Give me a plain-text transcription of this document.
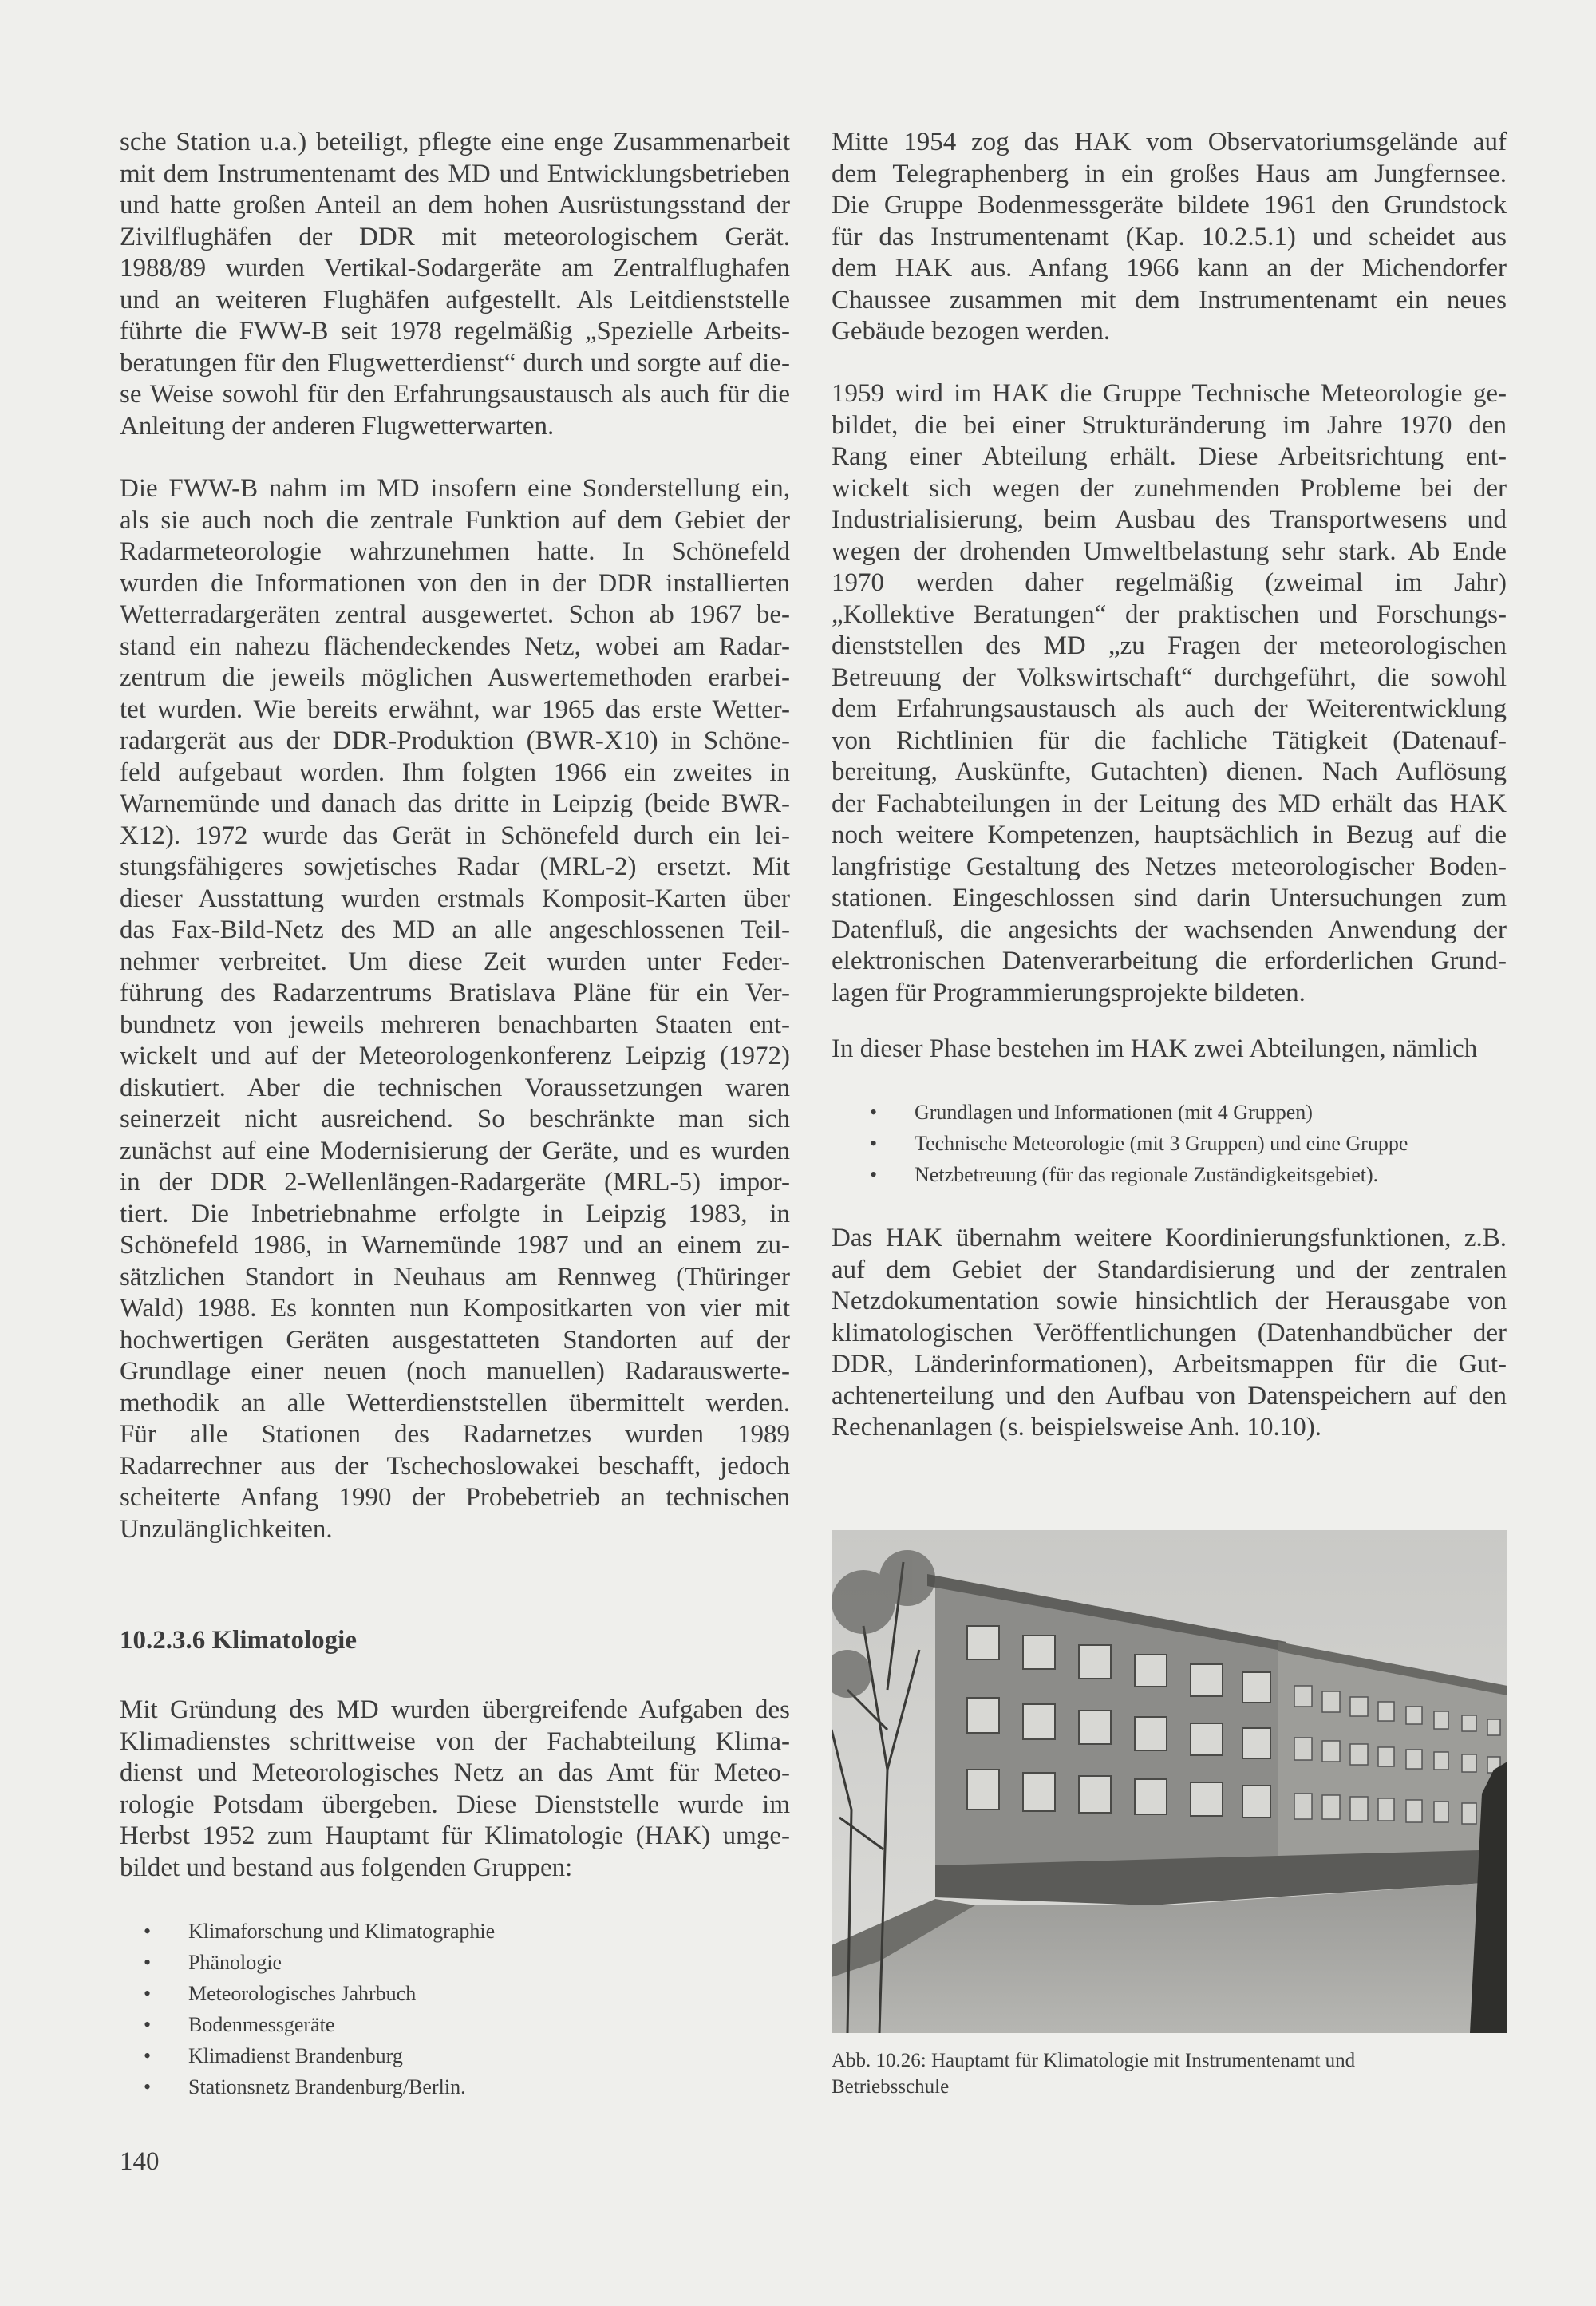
sche Station u.a.) beteiligt, pflegte eine enge Zusammenarbeit
mit dem Instrumentenamt des MD und Entwicklungsbetrieben
und hatte großen Anteil an dem hohen Ausrüstungsstand der
Zivilflughäfen der DDR mit meteorologischem Gerät.
1988/89 wurden Vertikal-Sodargeräte am Zentralflughafen
und an weiteren Flughäfen aufgestellt. Als Leitdienststelle
führte die FWW-B seit 1978 regelmäßig „Spezielle Arbeits-
beratungen für den Flugwetterdienst“ durch und sorgte auf die-
se Weise sowohl für den Erfahrungsaustausch als auch für die
Anleitung der anderen Flugwetterwarten.
Die FWW-B nahm im MD insofern eine Sonderstellung ein,
als sie auch noch die zentrale Funktion auf dem Gebiet der
Radarmeteorologie wahrzunehmen hatte. In Schönefeld
wurden die Informationen von den in der DDR installierten
Wetterradargeräten zentral ausgewertet. Schon ab 1967 be-
stand ein nahezu flächendeckendes Netz, wobei am Radar-
zentrum die jeweils möglichen Auswertemethoden erarbei-
tet wurden. Wie bereits erwähnt, war 1965 das erste Wetter-
radargerät aus der DDR-Produktion (BWR-X10) in Schöne-
feld aufgebaut worden. Ihm folgten 1966 ein zweites in
Warnemünde und danach das dritte in Leipzig (beide BWR-
X12). 1972 wurde das Gerät in Schönefeld durch ein lei-
stungsfähigeres sowjetisches Radar (MRL-2) ersetzt. Mit
dieser Ausstattung wurden erstmals Komposit-Karten über
das Fax-Bild-Netz des MD an alle angeschlossenen Teil-
nehmer verbreitet. Um diese Zeit wurden unter Feder-
führung des Radarzentrums Bratislava Pläne für ein Ver-
bundnetz von jeweils mehreren benachbarten Staaten ent-
wickelt und auf der Meteorologenkonferenz Leipzig (1972)
diskutiert. Aber die technischen Voraussetzungen waren
seinerzeit nicht ausreichend. So beschränkte man sich
zunächst auf eine Modernisierung der Geräte, und es wurden
in der DDR 2-Wellenlängen-Radargeräte (MRL-5) impor-
tiert. Die Inbetriebnahme erfolgte in Leipzig 1983, in
Schönefeld 1986, in Warnemünde 1987 und an einem zu-
sätzlichen Standort in Neuhaus am Rennweg (Thüringer
Wald) 1988. Es konnten nun Kompositkarten von vier mit
hochwertigen Geräten ausgestatteten Standorten auf der
Grundlage einer neuen (noch manuellen) Radarauswerte-
methodik an alle Wetterdienststellen übermittelt werden.
Für alle Stationen des Radarnetzes wurden 1989
Radarrechner aus der Tschechoslowakei beschafft, jedoch
scheiterte Anfang 1990 der Probebetrieb an technischen
Unzulänglichkeiten.
10.2.3.6 Klimatologie
Mit Gründung des MD wurden übergreifende Aufgaben des
Klimadienstes schrittweise von der Fachabteilung Klima-
dienst und Meteorologisches Netz an das Amt für Meteo-
rologie Potsdam übergeben. Diese Dienststelle wurde im
Herbst 1952 zum Hauptamt für Klimatologie (HAK) umge-
bildet und bestand aus folgenden Gruppen:
• Klimaforschung und Klimatographie
• Phänologie
• Meteorologisches Jahrbuch
• Bodenmessgeräte
• Klimadienst Brandenburg
• Stationsnetz Brandenburg/Berlin.
140
Mitte 1954 zog das HAK vom Observatoriumsgelände auf
dem Telegraphenberg in ein großes Haus am Jungfernsee.
Die Gruppe Bodenmessgeräte bildete 1961 den Grundstock
für das Instrumentenamt (Kap. 10.2.5.1) und scheidet aus
dem HAK aus. Anfang 1966 kann an der Michendorfer
Chaussee zusammen mit dem Instrumentenamt ein neues
Gebäude bezogen werden.
1959 wird im HAK die Gruppe Technische Meteorologie ge-
bildet, die bei einer Strukturänderung im Jahre 1970 den
Rang einer Abteilung erhält. Diese Arbeitsrichtung ent-
wickelt sich wegen der zunehmenden Probleme bei der
Industrialisierung, beim Ausbau des Transportwesens und
wegen der drohenden Umweltbelastung sehr stark. Ab Ende
1970 werden daher regelmäßig (zweimal im Jahr)
„Kollektive Beratungen“ der praktischen und Forschungs-
dienststellen des MD „zu Fragen der meteorologischen
Betreuung der Volkswirtschaft“ durchgeführt, die sowohl
dem Erfahrungsaustausch als auch der Weiterentwicklung
von Richtlinien für die fachliche Tätigkeit (Datenauf-
bereitung, Auskünfte, Gutachten) dienen. Nach Auflösung
der Fachabteilungen in der Leitung des MD erhält das HAK
noch weitere Kompetenzen, hauptsächlich in Bezug auf die
langfristige Gestaltung des Netzes meteorologischer Boden-
stationen. Eingeschlossen sind darin Untersuchungen zum
Datenfluß, die angesichts der wachsenden Anwendung der
elektronischen Datenverarbeitung die erforderlichen Grund-
lagen für Programmierungsprojekte bildeten.
In dieser Phase bestehen im HAK zwei Abteilungen, nämlich
• Grundlagen und Informationen (mit 4 Gruppen)
• Technische Meteorologie (mit 3 Gruppen) und eine Gruppe
• Netzbetreuung (für das regionale Zuständigkeitsgebiet).
Das HAK übernahm weitere Koordinierungsfunktionen, z.B.
auf dem Gebiet der Standardisierung und der zentralen
Netzdokumentation sowie hinsichtlich der Herausgabe von
klimatologischen Veröffentlichungen (Datenhandbücher der
DDR, Länderinformationen), Arbeitsmappen für die Gut-
achtenerteilung und den Aufbau von Datenspeichern auf den
Rechenanlagen (s. beispielsweise Anh. 10.10).
Abb. 10.26: Hauptamt für Klimatologie mit Instrumentenamt und
Betriebsschule
